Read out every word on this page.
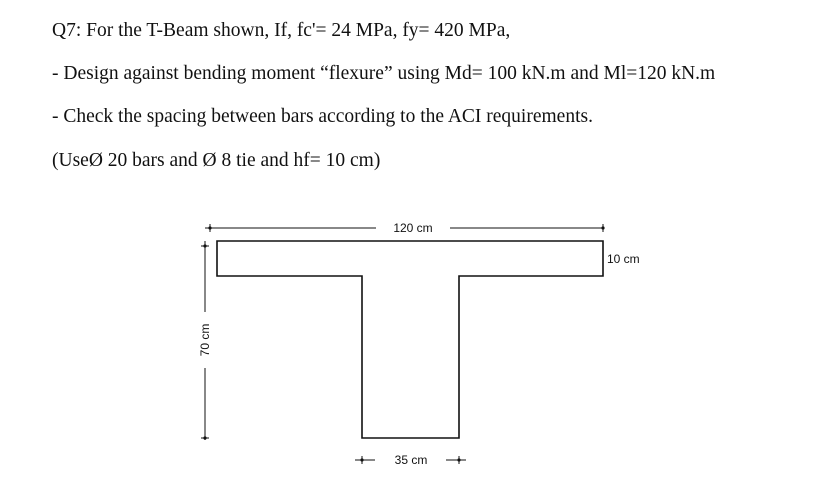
Q7: For the T-Beam shown, If, fc'= 24 MPa, fy= 420 MPa,
- Design against bending moment “flexure” using Md= 100 kN.m and Ml=120 kN.m
- Check the spacing between bars according to the ACI requirements.
(UseØ 20 bars and Ø 8 tie and hf= 10 cm)
120 cm
10 cm
70 cm
35 cm
